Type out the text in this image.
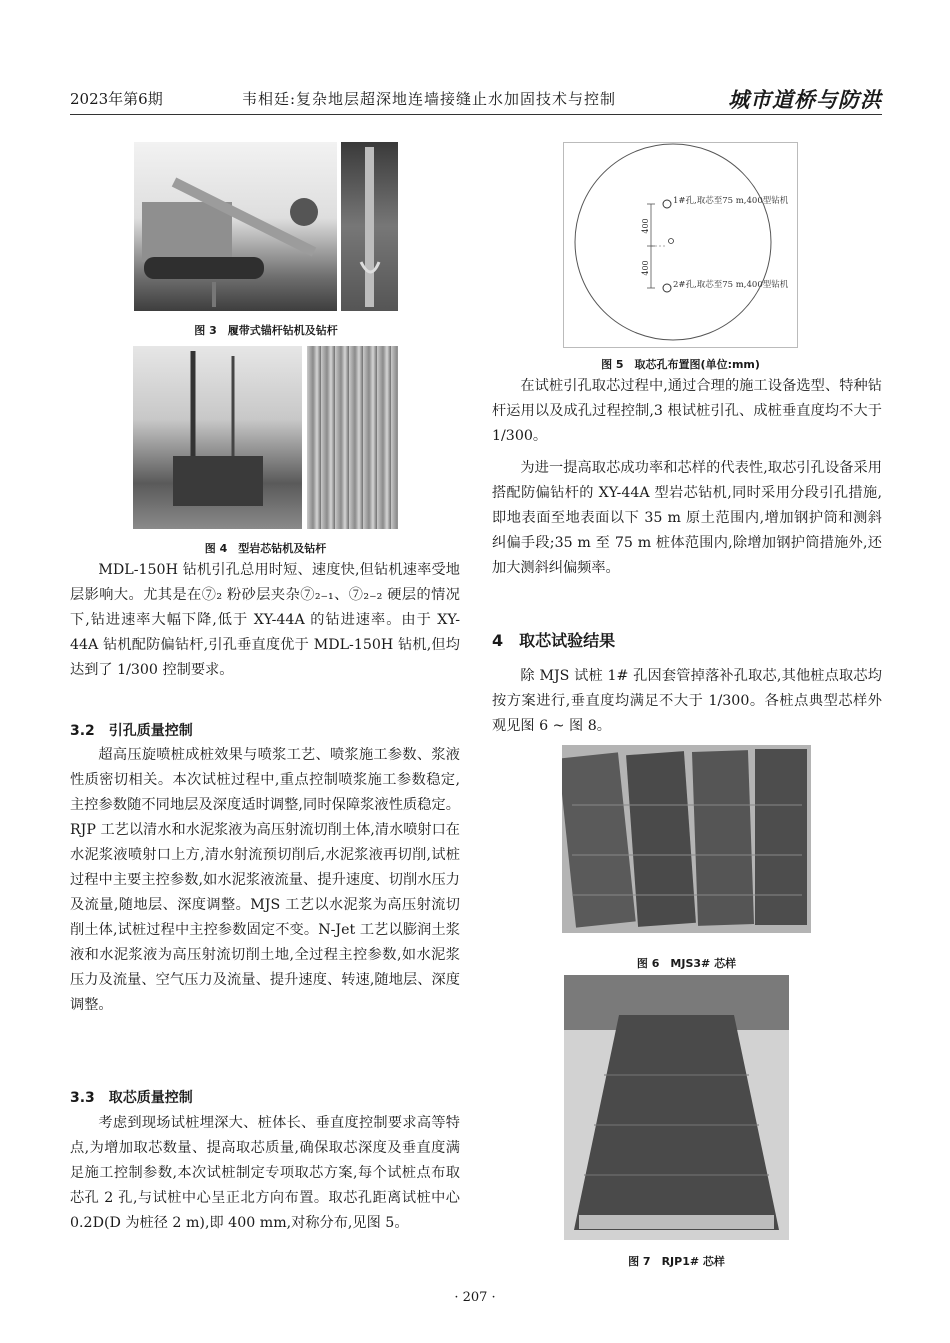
2023年第6期	韦相廷:复杂地层超深地连墙接缝止水加固技术与控制	城市道桥与防洪
图 3　履带式锚杆钻机及钻杆
图 4　型岩芯钻机及钻杆

MDL-150H 钻机引孔总用时短、速度快,但钻机速率受地层影响大。尤其是在⑦₂ 粉砂层夹杂⑦₂₋₁、⑦₂₋₂ 硬层的情况下,钻进速率大幅下降,低于 XY-44A 的钻进速率。由于 XY-44A 钻机配防偏钻杆,引孔垂直度优于 MDL-150H 钻机,但均达到了 1/300 控制要求。

3.2　引孔质量控制

超高压旋喷桩成桩效果与喷浆工艺、喷浆施工参数、浆液性质密切相关。本次试桩过程中,重点控制喷浆施工参数稳定,主控参数随不同地层及深度适时调整,同时保障浆液性质稳定。RJP 工艺以清水和水泥浆液为高压射流切削土体,清水喷射口在水泥浆液喷射口上方,清水射流预切削后,水泥浆液再切削,试桩过程中主要主控参数,如水泥浆液流量、提升速度、切削水压力及流量,随地层、深度调整。MJS 工艺以水泥浆为高压射流切削土体,试桩过程中主控参数固定不变。N-Jet 工艺以膨润土浆液和水泥浆液为高压射流切削土地,全过程主控参数,如水泥浆压力及流量、空气压力及流量、提升速度、转速,随地层、深度调整。

3.3　取芯质量控制

考虑到现场试桩埋深大、桩体长、垂直度控制要求高等特点,为增加取芯数量、提高取芯质量,确保取芯深度及垂直度满足施工控制参数,本次试桩制定专项取芯方案,每个试桩点布取芯孔 2 孔,与试桩中心呈正北方向布置。取芯孔距离试桩中心 0.2D(D 为桩径 2 m),即 400 mm,对称分布,见图 5。

1#孔,取芯至75 m,400型钻机
2#孔,取芯至75 m,400型钻机
400
400
图 5　取芯孔布置图(单位:mm)

在试桩引孔取芯过程中,通过合理的施工设备选型、特种钻杆运用以及成孔过程控制,3 根试桩引孔、成桩垂直度均不大于 1/300。

为进一提高取芯成功率和芯样的代表性,取芯引孔设备采用搭配防偏钻杆的 XY-44A 型岩芯钻机,同时采用分段引孔措施,即地表面至地表面以下 35 m 原土范围内,增加钢护筒和测斜纠偏手段;35 m 至 75 m 桩体范围内,除增加钢护筒措施外,还加大测斜纠偏频率。

4　取芯试验结果

除 MJS 试桩 1# 孔因套管掉落补孔取芯,其他桩点取芯均按方案进行,垂直度均满足不大于 1/300。各桩点典型芯样外观见图 6 ~ 图 8。

图 6　MJS3# 芯样
图 7　RJP1# 芯样
· 207 ·
